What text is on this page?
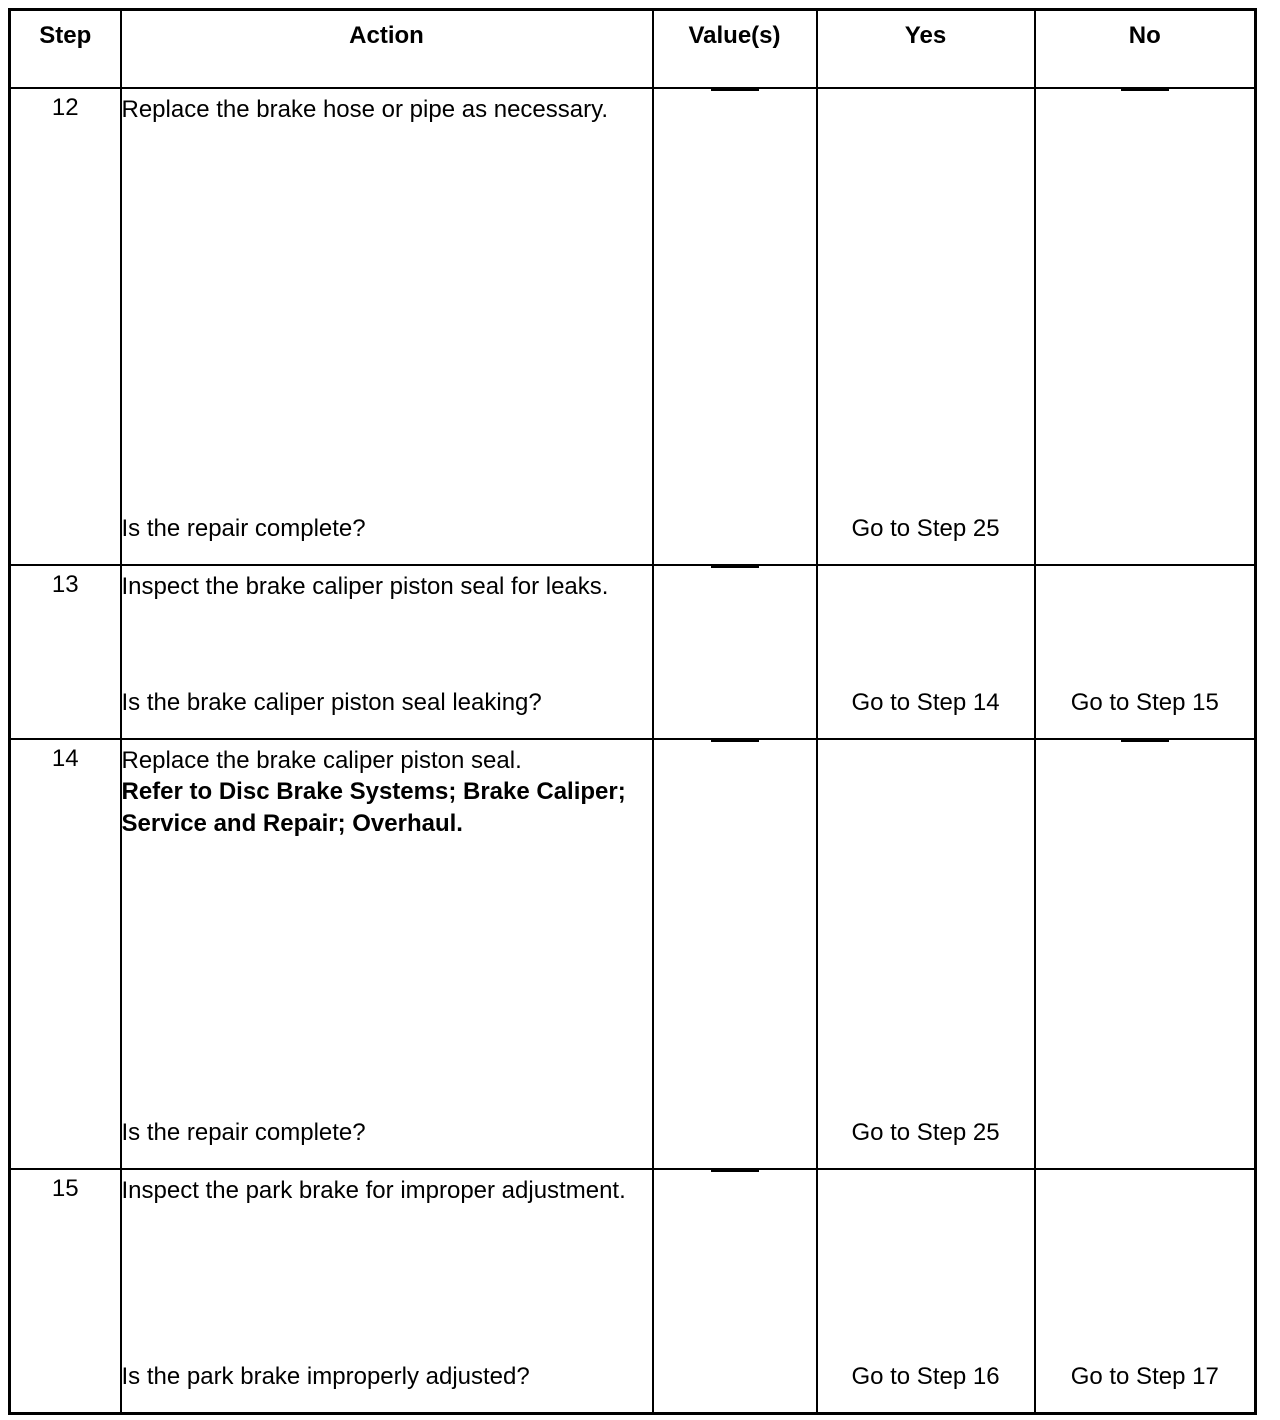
Step	Action	Value(s)	Yes	No
12	Replace the brake hose or pipe as necessary.
Is the repair complete?		Go to Step 25	

13	Inspect the brake caliper piston seal for leaks.
Is the brake caliper piston seal leaking?		Go to Step 14	Go to Step 15

14	Replace the brake caliper piston seal.
Refer to Disc Brake Systems; Brake Caliper; Service and Repair; Overhaul.
Is the repair complete?		Go to Step 25	

15	Inspect the park brake for improper adjustment.
Is the park brake improperly adjusted?		Go to Step 16	Go to Step 17
